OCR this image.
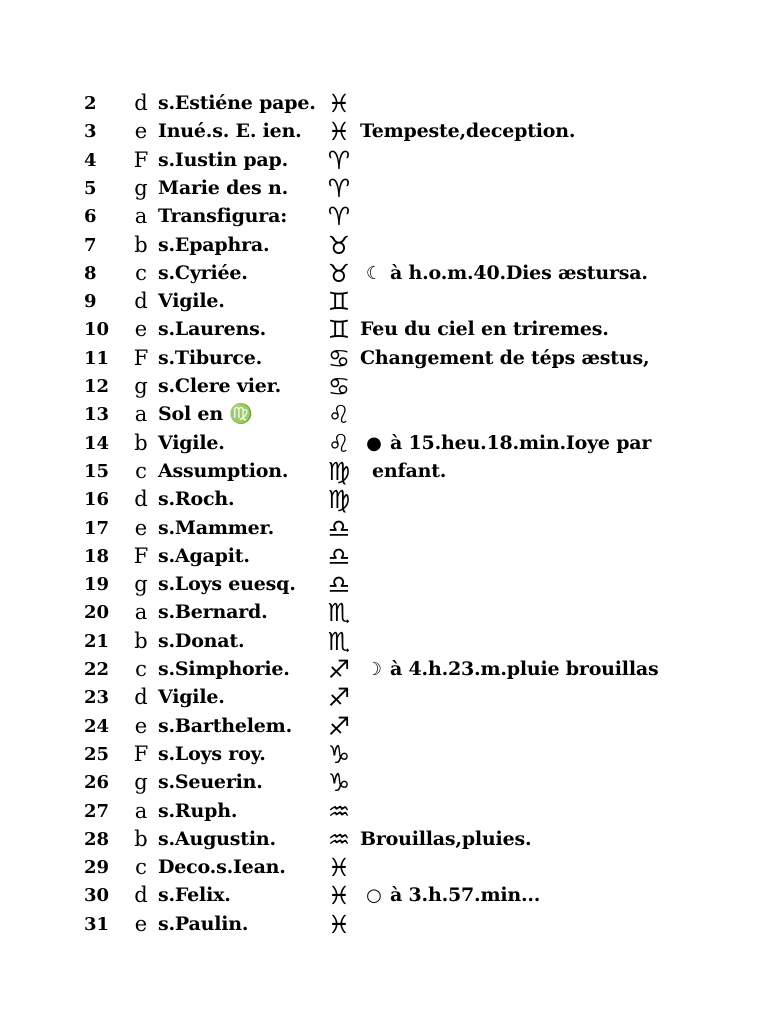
2	d s.Estiéne pape. ♓
3	e Inué.s. E. ien.	♓ Tempeste,deception.
4	F s.Iustin pap.	♈
5	g Marie des n.	♈
6	a Transfigura:	♈
7	b s.Epaphra.	♉
8	c s.Cyriée.	♉ ☾ à h.o.m.40.Dies æstursa.
9	d Vigile.	♊
10	e s.Laurens.	♊ Feu du ciel en triremes.
11	F s.Tiburce.	♋ Changement de téps æstus,
12	g s.Clere vier.	♋
13	a Sol en ♍	♌
14	b Vigile.	♌ ● à 15.heu.18.min.Ioye par
15	c Assumption.	♍	enfant.
16	d s.Roch.	♍
17	e s.Mammer.	♎
18	F s.Agapit.	♎
19	g s.Loys euesq.	♎
20	a s.Bernard.	♏
21	b s.Donat.	♏
22	c s.Simphorie.	♐ ☽ à 4.h.23.m.pluie brouillas
23	d Vigile.	♐
24	e s.Barthelem.	♐
25	F s.Loys roy.	♑
26	g s.Seuerin.	♑
27	a s.Ruph.	♒
28	b s.Augustin.	♒ Brouillas,pluies.
29	c Deco.s.Iean.	♓
30	d s.Felix.	♓ ○ à 3.h.57.min...
31	e s.Paulin.	♓
